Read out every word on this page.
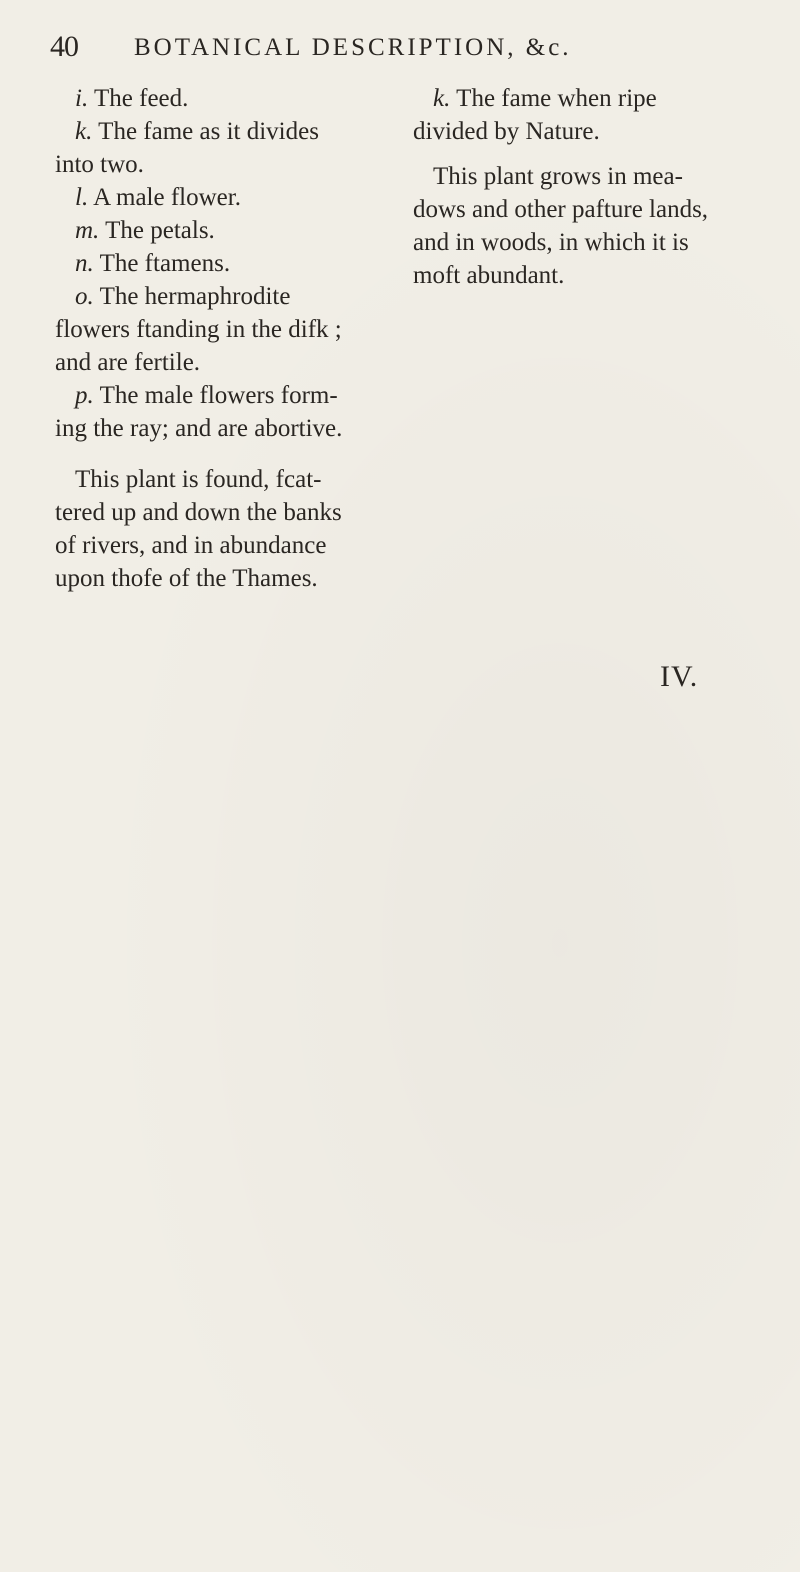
40 BOTANICAL DESCRIPTION, &c.
i. The feed.
k. The fame as it divides
into two.
l. A male flower.
m. The petals.
n. The ftamens.
o. The hermaphrodite
flowers ftanding in the difk ;
and are fertile.
p. The male flowers form-
ing the ray; and are abortive.
This plant is found, fcat-
tered up and down the banks
of rivers, and in abundance
upon thofe of the Thames.
k. The fame when ripe
divided by Nature.
This plant grows in mea-
dows and other pafture lands,
and in woods, in which it is
moft abundant.
IV.
